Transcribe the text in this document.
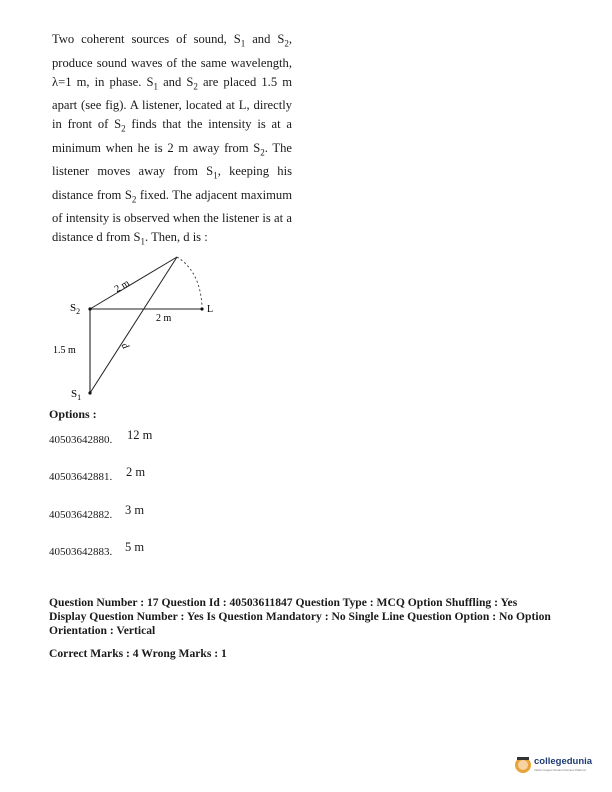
Two coherent sources of sound, $S_1$ and $S_2$, produce sound waves of the same wavelength, λ=1 m, in phase. $S_1$ and $S_2$ are placed 1.5 m apart (see fig). A listener, located at L, directly in front of $S_2$ finds that the intensity is at a minimum when he is 2 m away from $S_2$. The listener moves away from $S_1$, keeping his distance from $S_2$ fixed. The adjacent maximum of intensity is observed when the listener is at a distance d from $S_1$. Then, d is :

$S_2$
$S_1$
L
2 m
2 m
1.5 m	d
Options :
40503642880. 12 m
40503642881. 2 m
40503642882. 3 m
40503642883. 5 m

Question Number : 17 Question Id : 40503611847 Question Type : MCQ Option Shuffling : Yes

Display Question Number : Yes Is Question Mandatory : No Single Line Question Option : No Option

Orientation : Vertical

Correct Marks : 4 Wrong Marks : 1

collegedunia
India's largest Student Review Platform
